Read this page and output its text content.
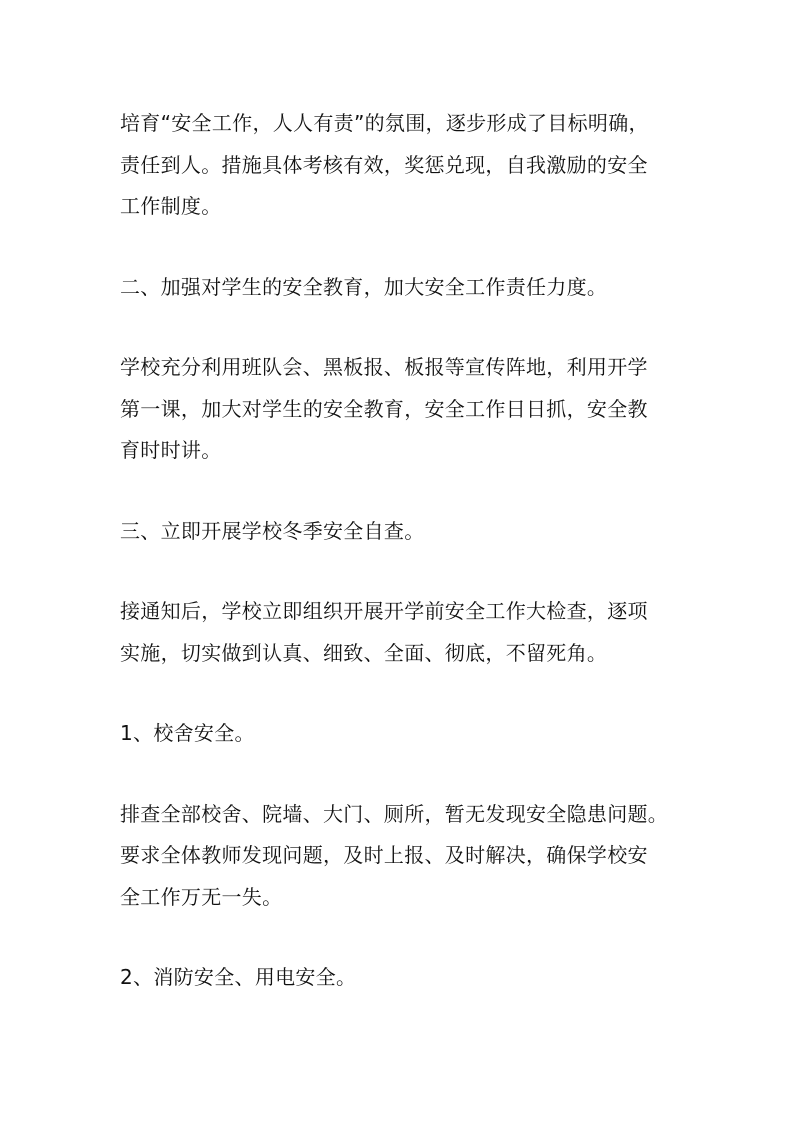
培育“安全工作，人人有责”的氛围，逐步形成了目标明确，
责任到人。措施具体考核有效，奖惩兑现，自我激励的安全
工作制度。

二、加强对学生的安全教育，加大安全工作责任力度。

学校充分利用班队会、黑板报、板报等宣传阵地，利用开学
第一课，加大对学生的安全教育，安全工作日日抓，安全教
育时时讲。

三、立即开展学校冬季安全自查。

接通知后，学校立即组织开展开学前安全工作大检查，逐项
实施，切实做到认真、细致、全面、彻底，不留死角。

1、校舍安全。

排查全部校舍、院墙、大门、厕所，暂无发现安全隐患问题。
要求全体教师发现问题，及时上报、及时解决，确保学校安
全工作万无一失。

2、消防安全、用电安全。
